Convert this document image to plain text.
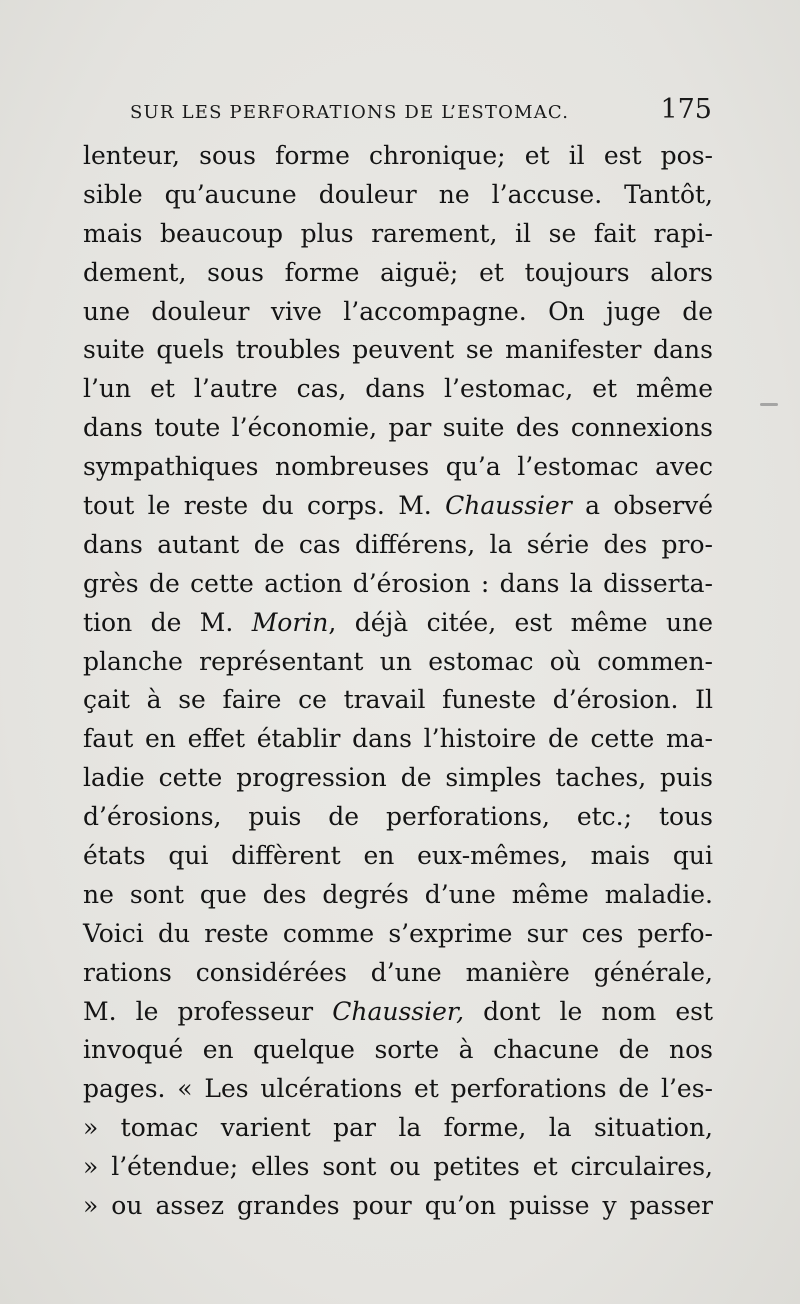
SUR LES PERFORATIONS DE L’ESTOMAC.	175
lenteur, sous forme chronique; et il est pos-
sible qu’aucune douleur ne l’accuse. Tantôt,
mais beaucoup plus rarement, il se fait rapi-
dement, sous forme aiguë; et toujours alors
une douleur vive l’accompagne. On juge de
suite quels troubles peuvent se manifester dans
l’un et l’autre cas, dans l’estomac, et même
dans toute l’économie, par suite des connexions
sympathiques nombreuses qu’a l’estomac avec
tout le reste du corps. M. Chaussier a observé
dans autant de cas différens, la série des pro-
grès de cette action d’érosion : dans la disserta-
tion de M. Morin, déjà citée, est même une
planche représentant un estomac où commen-
çait à se faire ce travail funeste d’érosion. Il
faut en effet établir dans l’histoire de cette ma-
ladie cette progression de simples taches, puis
d’érosions, puis de perforations, etc.; tous
états qui diffèrent en eux-mêmes, mais qui
ne sont que des degrés d’une même maladie.
Voici du reste comme s’exprime sur ces perfo-
rations considérées d’une manière générale,
M. le professeur Chaussier, dont le nom est
invoqué en quelque sorte à chacune de nos
pages. « Les ulcérations et perforations de l’es-
» tomac varient par la forme, la situation,
» l’étendue; elles sont ou petites et circulaires,
» ou assez grandes pour qu’on puisse y passer
